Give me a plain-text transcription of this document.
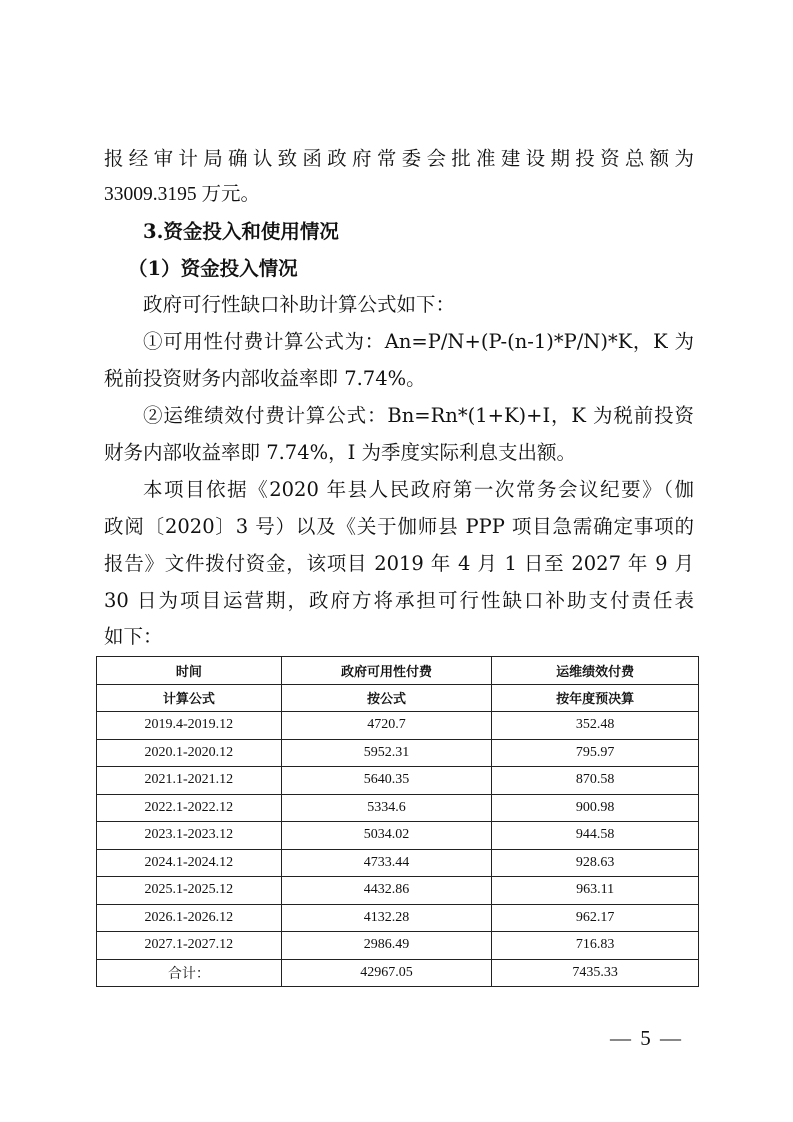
报经审计局确认致函政府常委会批准建设期投资总额为

33009.3195 万元。

3.资金投入和使用情况

（1）资金投入情况

政府可行性缺口补助计算公式如下：

①可用性付费计算公式为：An=P/N+(P-(n-1)*P/N)*K，K 为

税前投资财务内部收益率即 7.74%。

②运维绩效付费计算公式：Bn=Rn*(1+K)+I，K 为税前投资

财务内部收益率即 7.74%，I 为季度实际利息支出额。

本项目依据《2020 年县人民政府第一次常务会议纪要》（伽

政阅〔2020〕3 号）以及《关于伽师县 PPP 项目急需确定事项的

报告》文件拨付资金，该项目 2019 年 4 月 1 日至 2027 年 9 月

30 日为项目运营期，政府方将承担可行性缺口补助支付责任表

如下：

时间	政府可用性付费	运维绩效付费
计算公式	按公式	按年度预决算
2019.4-2019.12	4720.7	352.48
2020.1-2020.12	5952.31	795.97
2021.1-2021.12	5640.35	870.58
2022.1-2022.12	5334.6	900.98
2023.1-2023.12	5034.02	944.58
2024.1-2024.12	4733.44	928.63
2025.1-2025.12	4432.86	963.11
2026.1-2026.12	4132.28	962.17
2027.1-2027.12	2986.49	716.83
合计：	42967.05	7435.33
— 5 —
